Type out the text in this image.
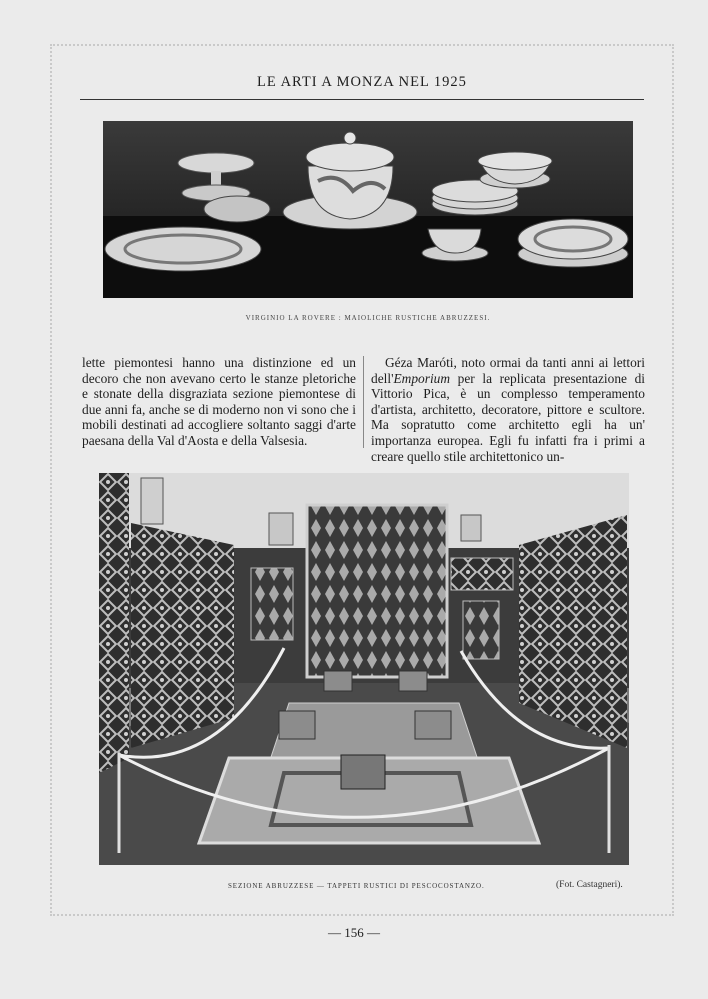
LE ARTI A MONZA NEL 1925
VIRGINIO LA ROVERE : MAIOLICHE RUSTICHE ABRUZZESI.

lette piemontesi hanno una distinzione ed un decoro che non avevano certo le stanze pletoriche e stonate della disgraziata sezione piemontese di due anni fa, anche se di moderno non vi sono che i mobili destinati ad accogliere soltanto saggi d'arte paesana della Val d'Aosta e della Valsesia.

Géza Maróti, noto ormai da tanti anni ai lettori dell'Emporium per la replicata presentazione di Vittorio Pica, è un complesso temperamento d'artista, architetto, decoratore, pittore e scultore. Ma sopratutto come architetto egli ha un' importanza europea. Egli fu infatti fra i primi a creare quello stile architettonico un-

SEZIONE ABRUZZESE — TAPPETI RUSTICI DI PESCOCOSTANZO.	(Fot. Castagneri).
— 156 —
